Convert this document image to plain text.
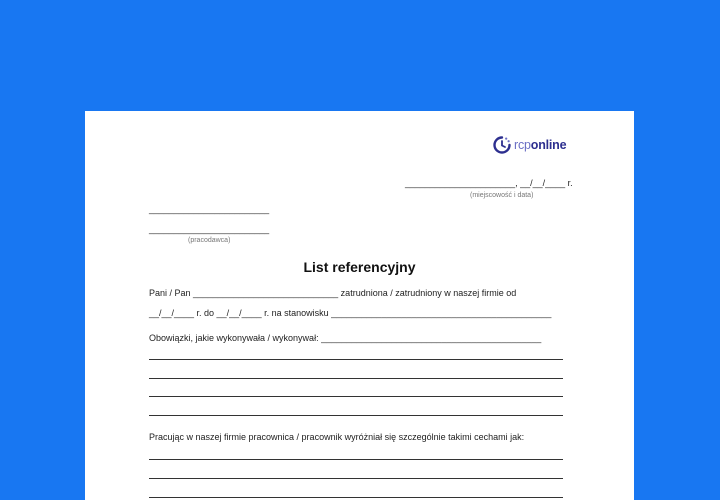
rcponline
______________________, __/__/____ r.
(miejscowość i data)
________________________
________________________
(pracodawca)
List referencyjny
Pani / Pan _____________________________ zatrudniona / zatrudniony w naszej firmie od
__/__/____ r. do __/__/____ r. na stanowisku ____________________________________________
Obowiązki, jakie wykonywała / wykonywał: ____________________________________________
Pracując w naszej firmie pracownica / pracownik wyróżniał się szczególnie takimi cechami jak:
